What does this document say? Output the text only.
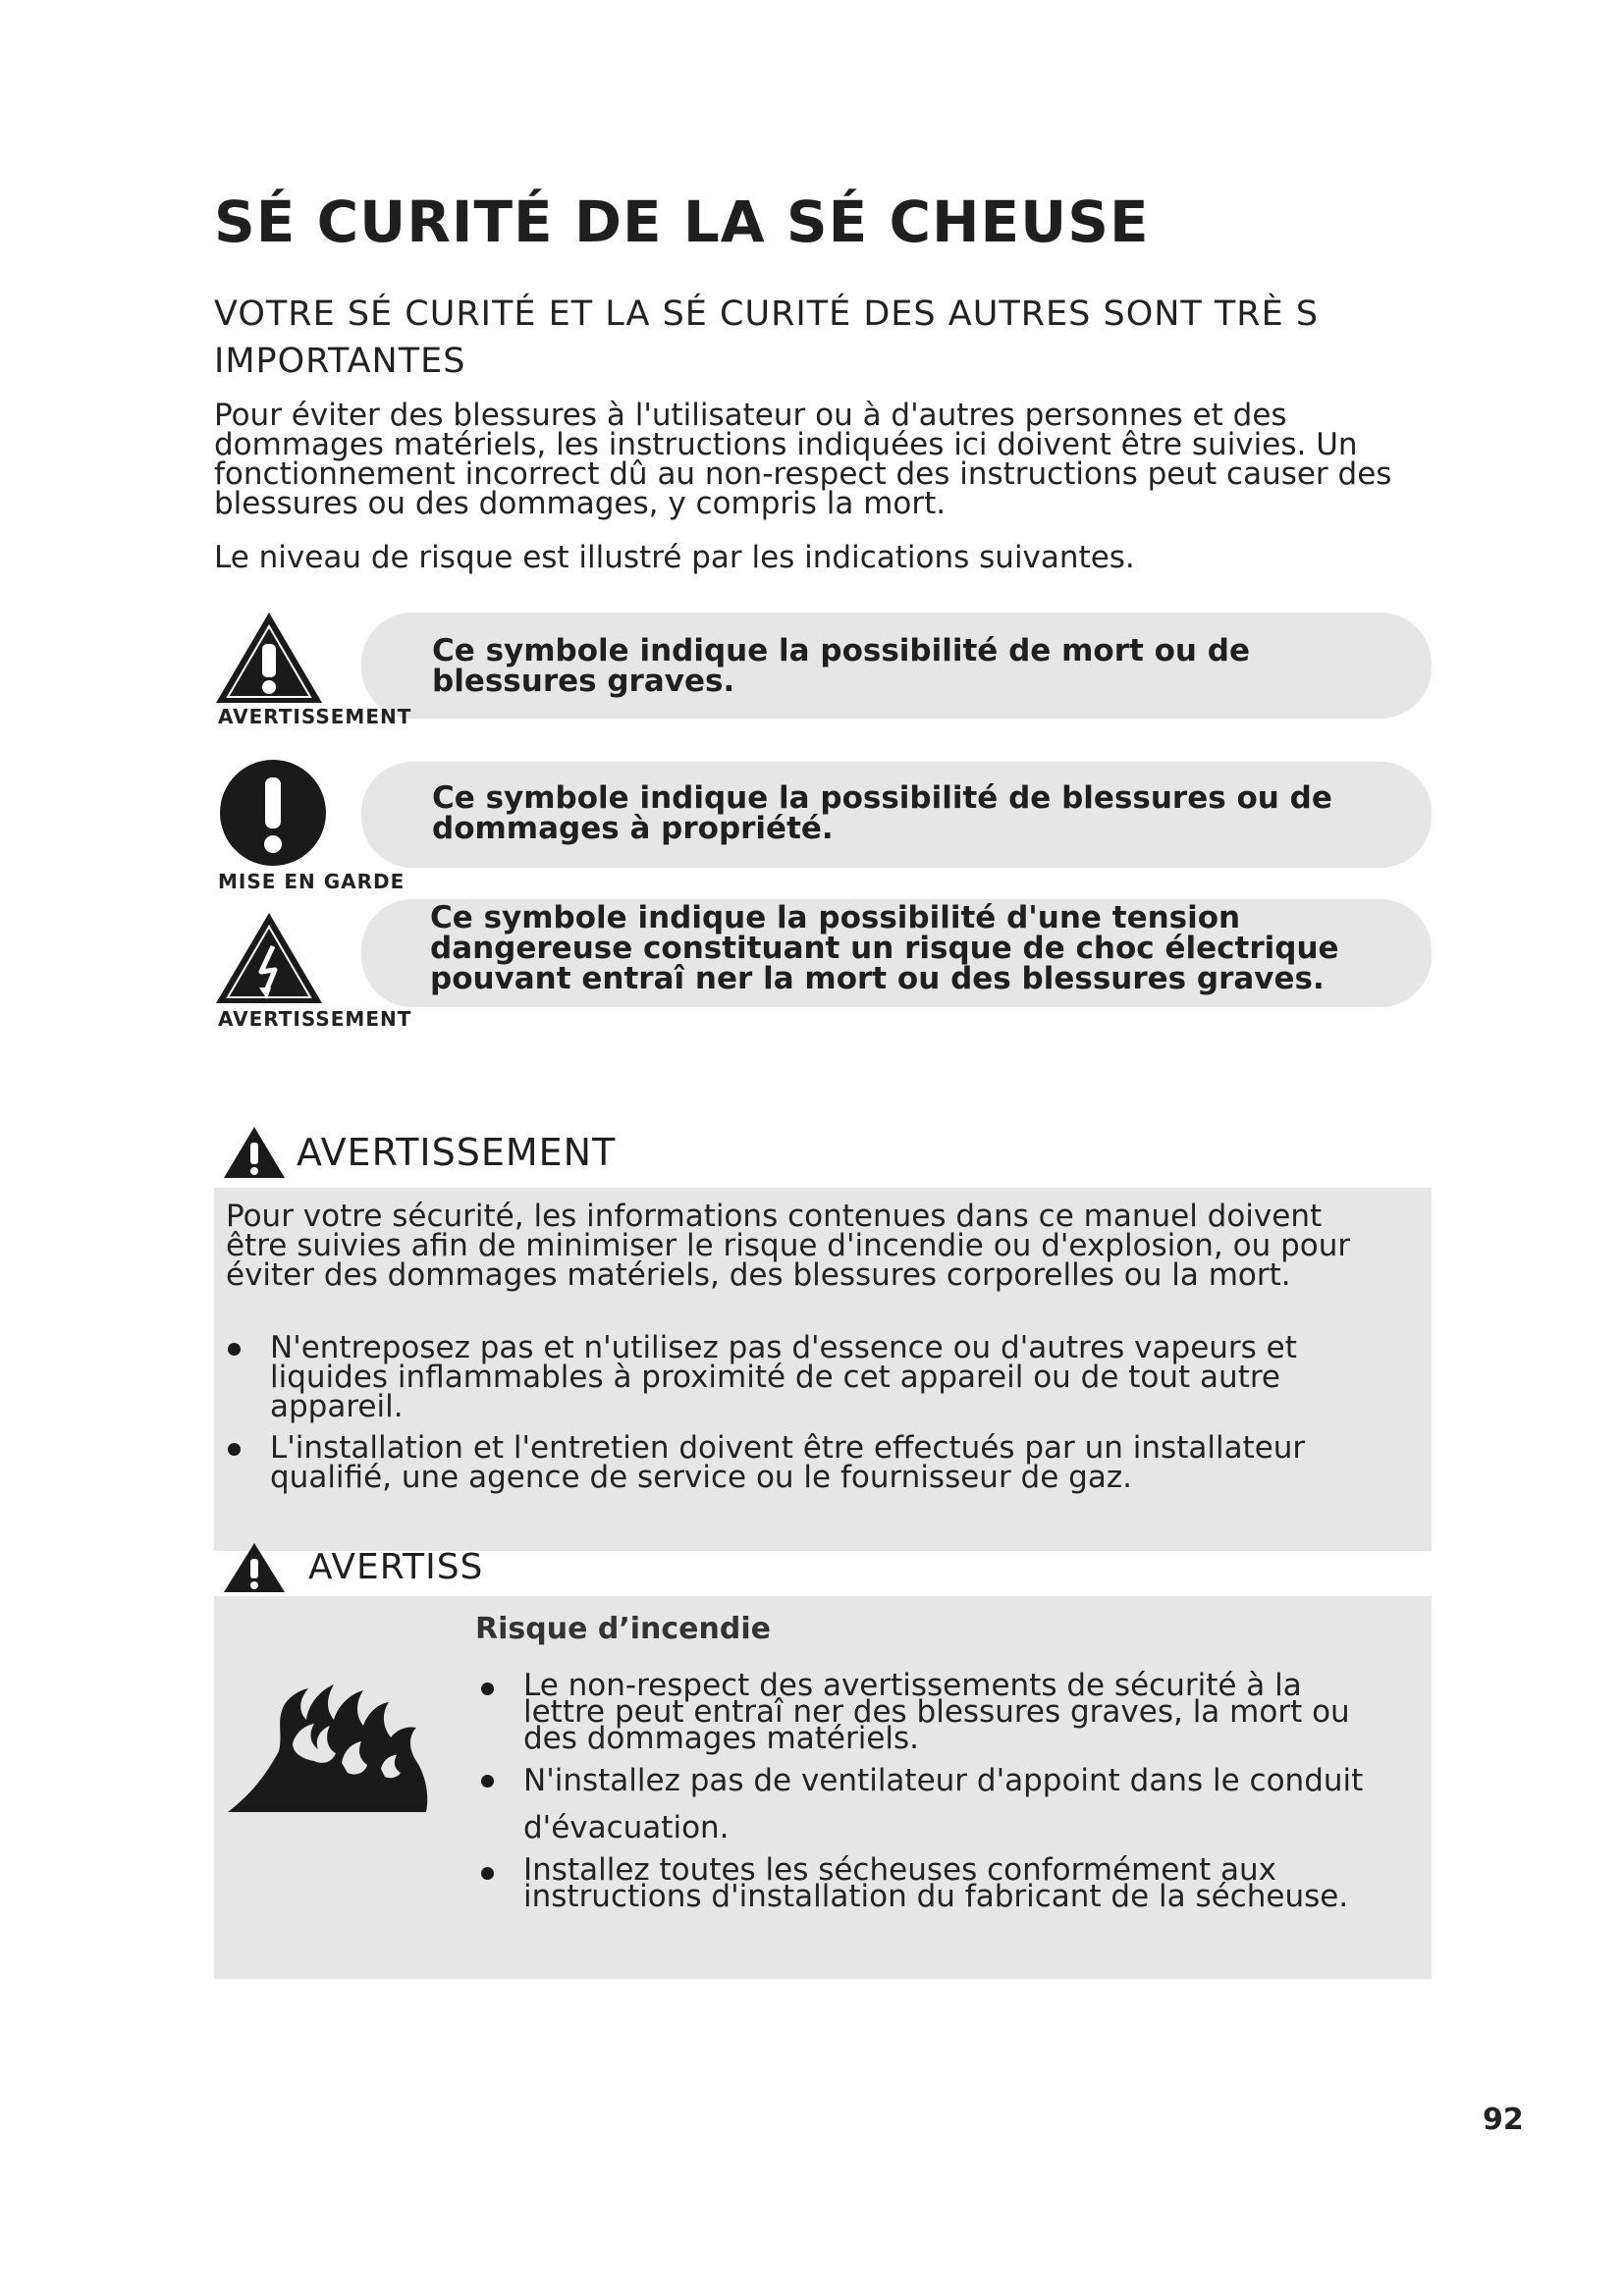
SÉ CURITÉ DE LA SÉ CHEUSE

VOTRE SÉ CURITÉ ET LA SÉ CURITÉ DES AUTRES SONT TRÈ S IMPORTANTES

Pour éviter des blessures à l'utilisateur ou à d'autres personnes et des dommages matériels, les instructions indiquées ici doivent être suivies. Un fonctionnement incorrect dû au non-respect des instructions peut causer des blessures ou des dommages, y compris la mort.

Le niveau de risque est illustré par les indications suivantes.

Ce symbole indique la possibilité de mort ou de blessures graves.

AVERTISSEMENT

Ce symbole indique la possibilité de blessures ou de dommages à propriété.

MISE EN GARDE

Ce symbole indique la possibilité d'une tension dangereuse constituant un risque de choc électrique pouvant entraî ner la mort ou des blessures graves.

AVERTISSEMENT
AVERTISSEMENT

Pour votre sécurité, les informations contenues dans ce manuel doivent être suivies afin de minimiser le risque d'incendie ou d'explosion, ou pour éviter des dommages matériels, des blessures corporelles ou la mort.

N'entreposez pas et n'utilisez pas d'essence ou d'autres vapeurs et liquides inflammables à proximité de cet appareil ou de tout autre appareil.
L'installation et l'entretien doivent être effectués par un installateur qualifié, une agence de service ou le fournisseur de gaz.
AVERTISS

Risque d’incendie

Le non-respect des avertissements de sécurité à la lettre peut entraî ner des blessures graves, la mort ou des dommages matériels.
N'installez pas de ventilateur d'appoint dans le conduit d'évacuation.
Installez toutes les sécheuses conformément aux instructions d'installation du fabricant de la sécheuse.
92
